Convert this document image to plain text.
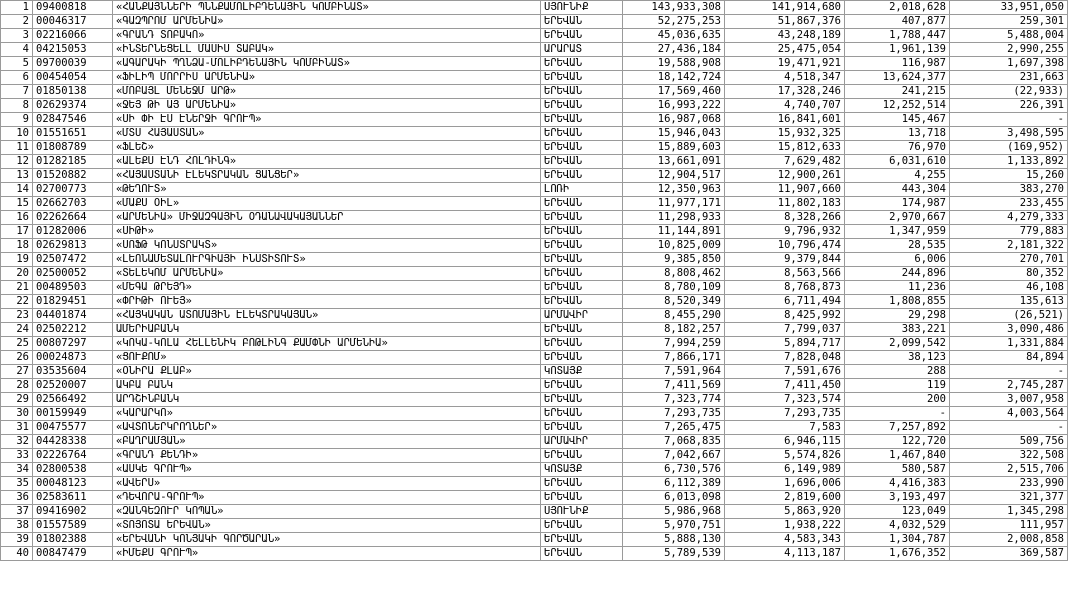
1	09400818	«ՀԱՆՔԱՅՆՆԵՐԻ ՊՆՆՔԱՄՈԼԻԲԴԵՆԱՅԻՆ ԿՈՄԲԻՆԱՏ»	ՍՅՈՒՆԻՔ	143,933,308	141,914,680	2,018,628	33,951,050
2	00046317	«ԳԱԶՊՐՈՄ ԱՐՄԵՆԻԱ»	ԵՐԵՎԱՆ	52,275,253	51,867,376	407,877	259,301
3	02216066	«ԳՐԱՆԴ ՏՈԲԱԿՈ»	ԵՐԵՎԱՆ	45,036,635	43,248,189	1,788,447	5,488,004
4	04215053	«ԻՆՏԵՐՆԵՑԵԼԼ ՄԱՍԻՍ ՏԱԲԱԿ»	ԱՐԱՐԱՏ	27,436,184	25,475,054	1,961,139	2,990,255
5	09700039	«ԱԳԱՐԱԿԻ ՊՂՆՁԱ-ՄՈԼԻԲԴԵՆԱՅԻՆ ԿՈՄԲԻՆԱՏ»	ԵՐԵՎԱՆ	19,588,908	19,471,921	116,987	1,697,398
6	00454054	«ՖԻԼԻՊ ՄՈՐՐԻՍ ԱՐՄԵՆԻԱ»	ԵՐԵՎԱՆ	18,142,724	4,518,347	13,624,377	231,663
7	01850138	«ՄՈԲԱՅԼ ՄԵՆԵՋՄ ԱՐԹ»	ԵՐԵՎԱՆ	17,569,460	17,328,246	241,215	(22,933)
8	02629374	«ՋԵՅ ԹԻ ԱՅ ԱՐՄԵՆԻԱ»	ԵՐԵՎԱՆ	16,993,222	4,740,707	12,252,514	226,391
9	02847546	«ՍԻ ՓԻ ԷՍ ԷՆԵՐՋԻ ԳՐՈՒՊ»	ԵՐԵՎԱՆ	16,987,068	16,841,601	145,467	-
10	01551651	«ՄՏՍ ՀԱՅԱՍՏԱՆ»	ԵՐԵՎԱՆ	15,946,043	15,932,325	13,718	3,498,595
11	01808789	«ՖԼԵՇ»	ԵՐԵՎԱՆ	15,889,603	15,812,633	76,970	(169,952)
12	01282185	«ԱԼԵՔՍ ԷՆԴ ՀՈԼԴԻՆԳ»	ԵՐԵՎԱՆ	13,661,091	7,629,482	6,031,610	1,133,892
13	01520882	«ՀԱՅԱՍՏԱՆԻ ԷԼԵԿՏՐԱԿԱՆ ՑԱՆՑԵՐ»	ԵՐԵՎԱՆ	12,904,517	12,900,261	4,255	15,260
14	02700773	«ԹԵՂՈՒՏ»	ԼՈՌԻ	12,350,963	11,907,660	443,304	383,270
15	02662703	«ՄԱՔՍ ՕԻԼ»	ԵՐԵՎԱՆ	11,977,171	11,802,183	174,987	233,455
16	02262664	«ԱՐՄԵՆԻԱ» ՄԻՋԱԶԳԱՅԻՆ ՕԴԱՆԱՎԱԿԱՅԱՆՆԵՐ	ԵՐԵՎԱՆ	11,298,933	8,328,266	2,970,667	4,279,333
17	01282006	«ՍԻԹԻ»	ԵՐԵՎԱՆ	11,144,891	9,796,932	1,347,959	779,883
18	02629813	«ՍՈՖԹ ԿՈՆՍՏՐԱԿՏ»	ԵՐԵՎԱՆ	10,825,009	10,796,474	28,535	2,181,322
19	02507472	«ԼԵՈՆԱՄԵՏԱԼՈՒՐԳԻԱՅԻ ԻՆՍՏԻՏՈՒՏ»	ԵՐԵՎԱՆ	9,385,850	9,379,844	6,006	270,701
20	02500052	«ՏԵԼԵԿՈՄ ԱՐՄԵՆԻԱ»	ԵՐԵՎԱՆ	8,808,462	8,563,566	244,896	80,352
21	00489503	«ՄԵԳԱ ԹՐԵՅԴ»	ԵՐԵՎԱՆ	8,780,109	8,768,873	11,236	46,108
22	01829451	«ՓՐԻԹԻ ՈՒԵՅ»	ԵՐԵՎԱՆ	8,520,349	6,711,494	1,808,855	135,613
23	04401874	«ՀԱՅԿԱԿԱՆ ԱՏՈՄԱՅԻՆ ԷԼԵԿՏՐԱԿԱՅԱՆ»	ԱՐՄԱՎԻՐ	8,455,290	8,425,992	29,298	(26,521)
24	02502212	ԱՄԵՐԻԱԲԱՆԿ	ԵՐԵՎԱՆ	8,182,257	7,799,037	383,221	3,090,486
25	00807297	«ԿՈԿԱ-ԿՈԼԱ ՀԵԼԼԵՆԻԿ ԲՈԹԼԻՆԳ ՔԱՄՓՆԻ ԱՐՄԵՆԻԱ»	ԵՐԵՎԱՆ	7,994,259	5,894,717	2,099,542	1,331,884
26	00024873	«ՑՈՒՔՈՄ»	ԵՐԵՎԱՆ	7,866,171	7,828,048	38,123	84,894
27	03535604	«ՕՆԻՐԱ ՔԼԱԲ»	ԿՈՏԱՅՔ	7,591,964	7,591,676	288	-
28	02520007	ԱԿԲԱ ԲԱՆԿ	ԵՐԵՎԱՆ	7,411,569	7,411,450	119	2,745,287
29	02566492	ԱՐԴՇԻՆԲԱՆԿ	ԵՐԵՎԱՆ	7,323,774	7,323,574	200	3,007,958
30	00159949	«ԿԱՐԱՐԿՈ»	ԵՐԵՎԱՆ	7,293,735	7,293,735	-	4,003,564
31	00475577	«ԱՎՏՈՆԵՐԿՐՈՂՆԵՐ»	ԵՐԵՎԱՆ	7,265,475	7,583	7,257,892	-
32	04428338	«ԲԱՂՐԱՄՅԱՆ»	ԱՐՄԱՎԻՐ	7,068,835	6,946,115	122,720	509,756
33	02226764	«ԳՐԱՆԴ ՔԵՆԴԻ»	ԵՐԵՎԱՆ	7,042,667	5,574,826	1,467,840	322,508
34	02800538	«ԱՍԿԵ ԳՐՈՒՊ»	ԿՈՏԱՅՔ	6,730,576	6,149,989	580,587	2,515,706
35	00048123	«ԱՎԵՐՍ»	ԵՐԵՎԱՆ	6,112,389	1,696,006	4,416,383	233,990
36	02583611	«ԴԵՎՈՐԱ-ԳՐՈՒՊ»	ԵՐԵՎԱՆ	6,013,098	2,819,600	3,193,497	321,377
37	09416902	«ԶԱՆԳԵԶՈՒՐ ԿՈՊԱՆ»	ՍՅՈՒՆԻՔ	5,986,968	5,863,920	123,049	1,345,298
38	01557589	«ՏՈՅՈՏԱ ԵՐԵՎԱՆ»	ԵՐԵՎԱՆ	5,970,751	1,938,222	4,032,529	111,957
39	01802388	«ԵՐԵՎԱՆԻ ԿՈՆՅԱԿԻ ԳՈՐԾԱՐԱՆ»	ԵՐԵՎԱՆ	5,888,130	4,583,343	1,304,787	2,008,858
40	00847479	«ԻՄԵՔՍ ԳՐՈՒՊ»	ԵՐԵՎԱՆ	5,789,539	4,113,187	1,676,352	369,587
